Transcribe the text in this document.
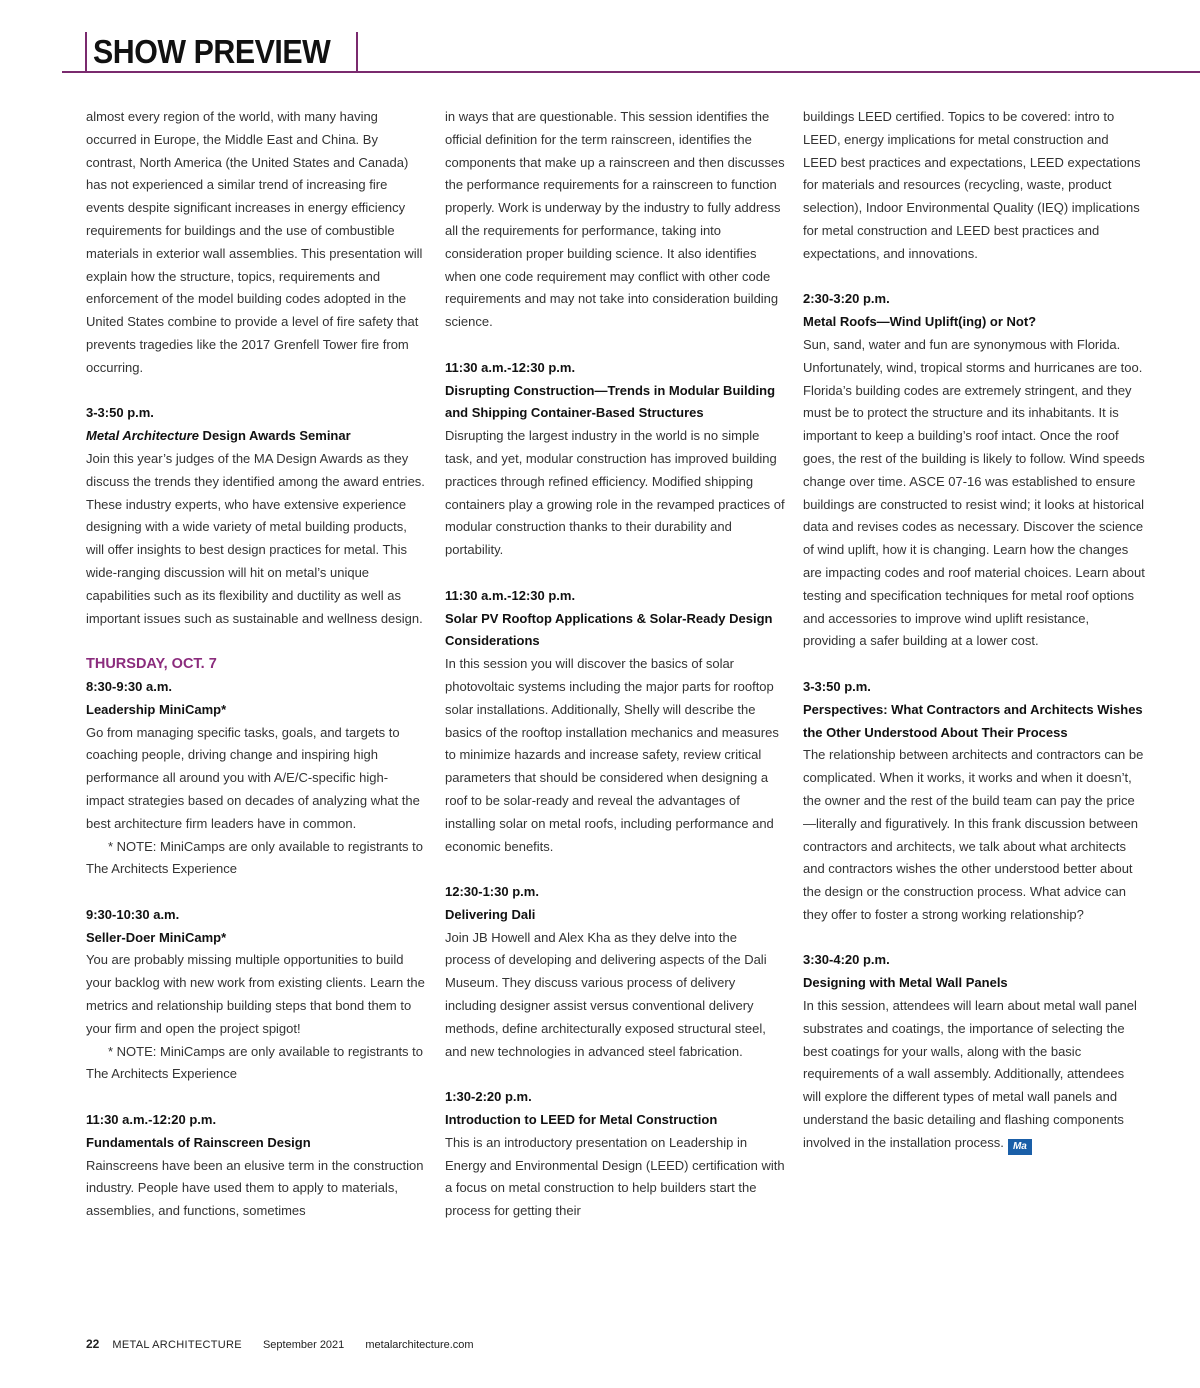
SHOW PREVIEW

almost every region of the world, with many having occurred in Europe, the Middle East and China. By contrast, North America (the United States and Canada) has not experienced a similar trend of increasing fire events despite significant increases in energy efficiency requirements for buildings and the use of combustible materials in exterior wall assemblies. This presentation will explain how the structure, topics, requirements and enforcement of the model building codes adopted in the United States combine to provide a level of fire safety that prevents tragedies like the 2017 Grenfell Tower fire from occurring.

3-3:50 p.m.

Metal Architecture Design Awards Seminar

Join this year’s judges of the MA Design Awards as they discuss the trends they identified among the award entries. These industry experts, who have extensive experience designing with a wide variety of metal building products, will offer insights to best design practices for metal. This wide-ranging discussion will hit on metal’s unique capabilities such as its flexibility and ductility as well as important issues such as sustainable and wellness design.

THURSDAY, OCT. 7

8:30-9:30 a.m.

Leadership MiniCamp*

Go from managing specific tasks, goals, and targets to coaching people, driving change and inspiring high performance all around you with A/E/C-specific high-impact strategies based on decades of analyzing what the best architecture firm leaders have in common.

* NOTE: MiniCamps are only available to registrants to The Architects Experience

9:30-10:30 a.m.

Seller-Doer MiniCamp*

You are probably missing multiple opportunities to build your backlog with new work from existing clients. Learn the metrics and relationship building steps that bond them to your firm and open the project spigot!

* NOTE: MiniCamps are only available to registrants to The Architects Experience

11:30 a.m.-12:20 p.m.

Fundamentals of Rainscreen Design

Rainscreens have been an elusive term in the construction industry. People have used them to apply to materials, assemblies, and functions, sometimes

in ways that are questionable. This session identifies the official definition for the term rainscreen, identifies the components that make up a rainscreen and then discusses the performance requirements for a rainscreen to function properly. Work is underway by the industry to fully address all the requirements for performance, taking into consideration proper building science. It also identifies when one code requirement may conflict with other code requirements and may not take into consideration building science.

11:30 a.m.-12:30 p.m.

Disrupting Construction—Trends in Modular Building and Shipping Container-Based Structures

Disrupting the largest industry in the world is no simple task, and yet, modular construction has improved building practices through refined efficiency. Modified shipping containers play a growing role in the revamped practices of modular construction thanks to their durability and portability.

11:30 a.m.-12:30 p.m.

Solar PV Rooftop Applications & Solar-Ready Design Considerations

In this session you will discover the basics of solar photovoltaic systems including the major parts for rooftop solar installations. Additionally, Shelly will describe the basics of the rooftop installation mechanics and measures to minimize hazards and increase safety, review critical parameters that should be considered when designing a roof to be solar-ready and reveal the advantages of installing solar on metal roofs, including performance and economic benefits.

12:30-1:30 p.m.

Delivering Dali

Join JB Howell and Alex Kha as they delve into the process of developing and delivering aspects of the Dali Museum. They discuss various process of delivery including designer assist versus conventional delivery methods, define architecturally exposed structural steel, and new technologies in advanced steel fabrication.

1:30-2:20 p.m.

Introduction to LEED for Metal Construction

This is an introductory presentation on Leadership in Energy and Environmental Design (LEED) certification with a focus on metal construction to help builders start the process for getting their

buildings LEED certified. Topics to be covered: intro to LEED, energy implications for metal construction and LEED best practices and expectations, LEED expectations for materials and resources (recycling, waste, product selection), Indoor Environmental Quality (IEQ) implications for metal construction and LEED best practices and expectations, and innovations.

2:30-3:20 p.m.

Metal Roofs—Wind Uplift(ing) or Not?

Sun, sand, water and fun are synonymous with Florida. Unfortunately, wind, tropical storms and hurricanes are too. Florida’s building codes are extremely stringent, and they must be to protect the structure and its inhabitants. It is important to keep a building’s roof intact. Once the roof goes, the rest of the building is likely to follow. Wind speeds change over time. ASCE 07-16 was established to ensure buildings are constructed to resist wind; it looks at historical data and revises codes as necessary. Discover the science of wind uplift, how it is changing. Learn how the changes are impacting codes and roof material choices. Learn about testing and specification techniques for metal roof options and accessories to improve wind uplift resistance, providing a safer building at a lower cost.

3-3:50 p.m.

Perspectives: What Contractors and Architects Wishes the Other Understood About Their Process

The relationship between architects and contractors can be complicated. When it works, it works and when it doesn’t, the owner and the rest of the build team can pay the price—literally and figuratively. In this frank discussion between contractors and architects, we talk about what architects and contractors wishes the other understood better about the design or the construction process. What advice can they offer to foster a strong working relationship?

3:30-4:20 p.m.

Designing with Metal Wall Panels

In this session, attendees will learn about metal wall panel substrates and coatings, the importance of selecting the best coatings for your walls, along with the basic requirements of a wall assembly. Additionally, attendees will explore the different types of metal wall panels and understand the basic detailing and flashing components involved in the installation process. Ma

22 METAL ARCHITECTURE September 2021 metalarchitecture.com
